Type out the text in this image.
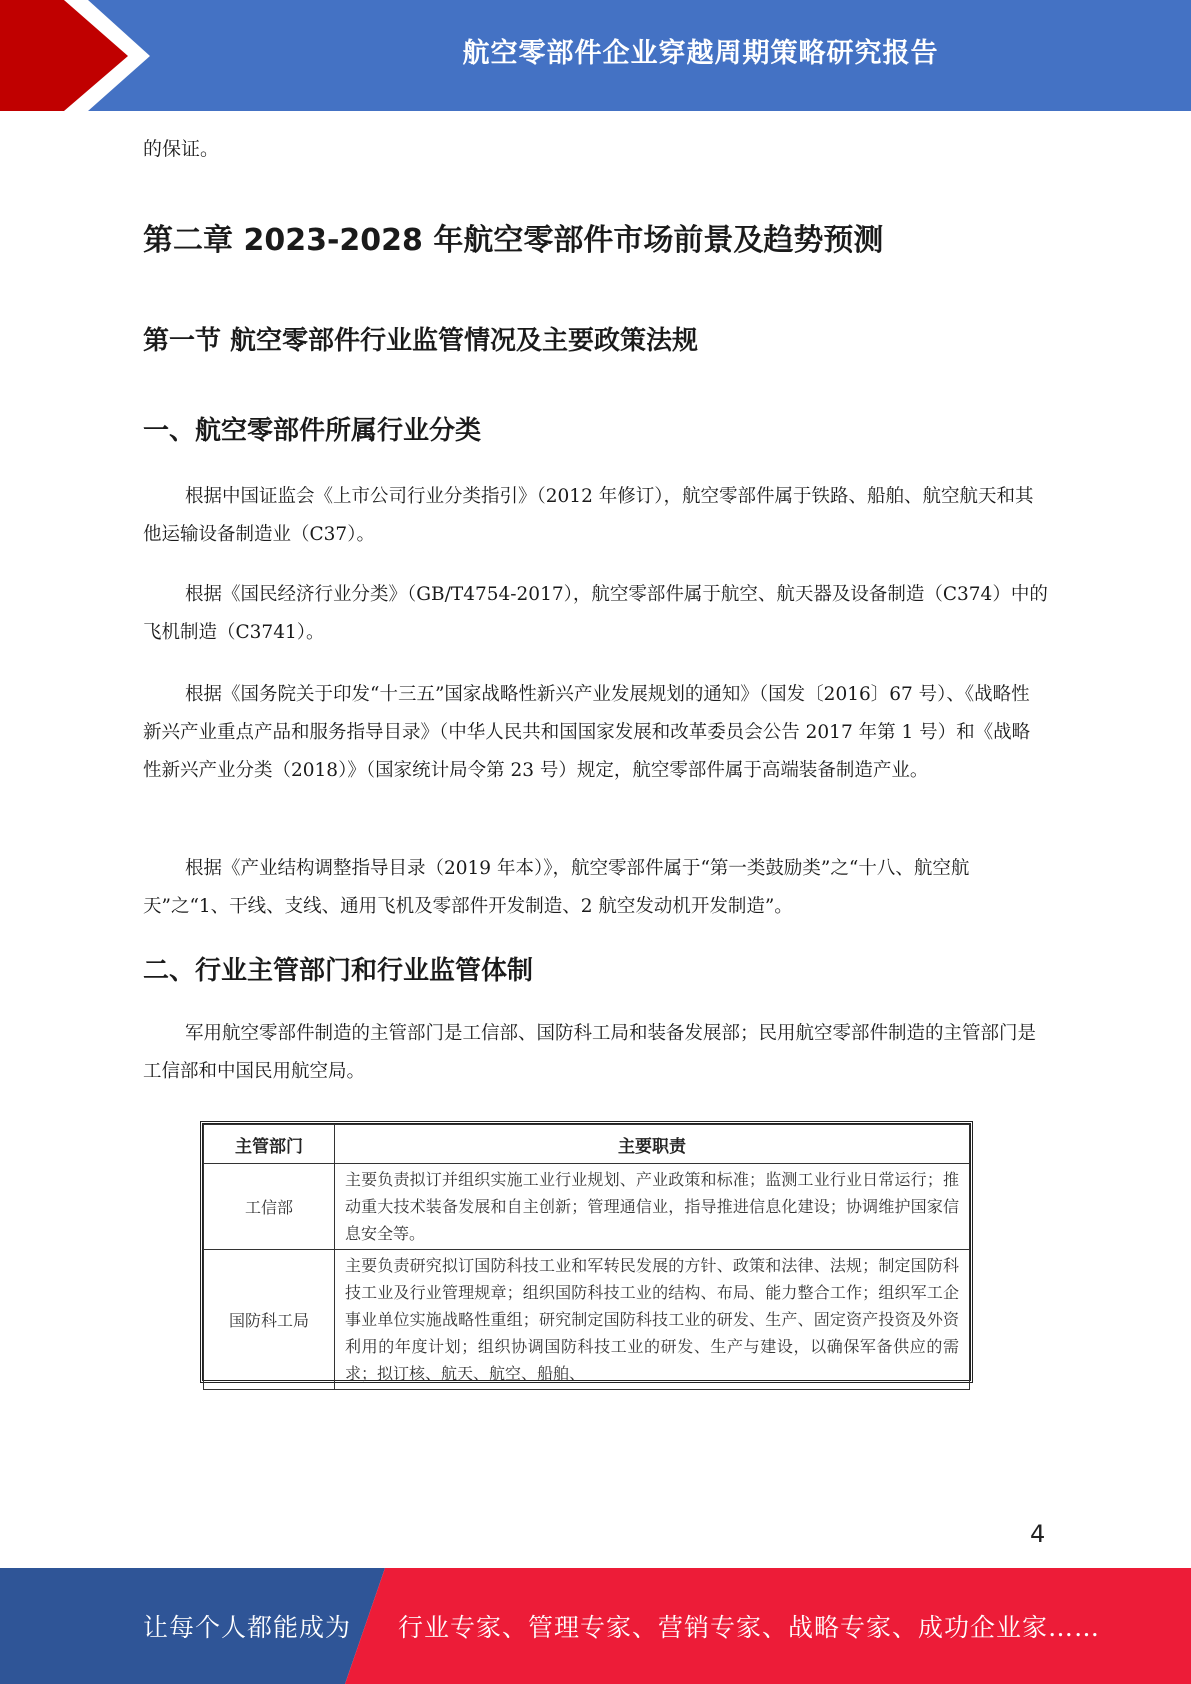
航空零部件企业穿越周期策略研究报告

的保证。

第二章 2023-2028 年航空零部件市场前景及趋势预测
第一节 航空零部件行业监管情况及主要政策法规
一、航空零部件所属行业分类

根据中国证监会《上市公司行业分类指引》（2012 年修订），航空零部件属于铁路、船舶、航空航天和其他运输设备制造业（C37）。

根据《国民经济行业分类》（GB/T4754-2017），航空零部件属于航空、航天器及设备制造（C374）中的飞机制造（C3741）。

根据《国务院关于印发“十三五”国家战略性新兴产业发展规划的通知》（国发〔2016〕67 号）、《战略性新兴产业重点产品和服务指导目录》（中华人民共和国国家发展和改革委员会公告 2017 年第 1 号）和《战略性新兴产业分类（2018）》（国家统计局令第 23 号）规定，航空零部件属于高端装备制造产业。

根据《产业结构调整指导目录（2019 年本）》，航空零部件属于“第一类鼓励类”之“十八、航空航天”之“1、干线、支线、通用飞机及零部件开发制造、2 航空发动机开发制造”。

二、行业主管部门和行业监管体制

军用航空零部件制造的主管部门是工信部、国防科工局和装备发展部；民用航空零部件制造的主管部门是工信部和中国民用航空局。

主管部门	主要职责
工信部	主要负责拟订并组织实施工业行业规划、产业政策和标准；监测工业行业日常运行；推动重大技术装备发展和自主创新；管理通信业，指导推进信息化建设；协调维护国家信息安全等。
国防科工局	主要负责研究拟订国防科技工业和军转民发展的方针、政策和法律、法规；制定国防科技工业及行业管理规章；组织国防科技工业的结构、布局、能力整合工作；组织军工企事业单位实施战略性重组；研究制定国防科技工业的研发、生产、固定资产投资及外资利用的年度计划；组织协调国防科技工业的研发、生产与建设，以确保军备供应的需求；拟订核、航天、航空、船舶、
4
让每个人都能成为 行业专家、管理专家、营销专家、战略专家、成功企业家……
